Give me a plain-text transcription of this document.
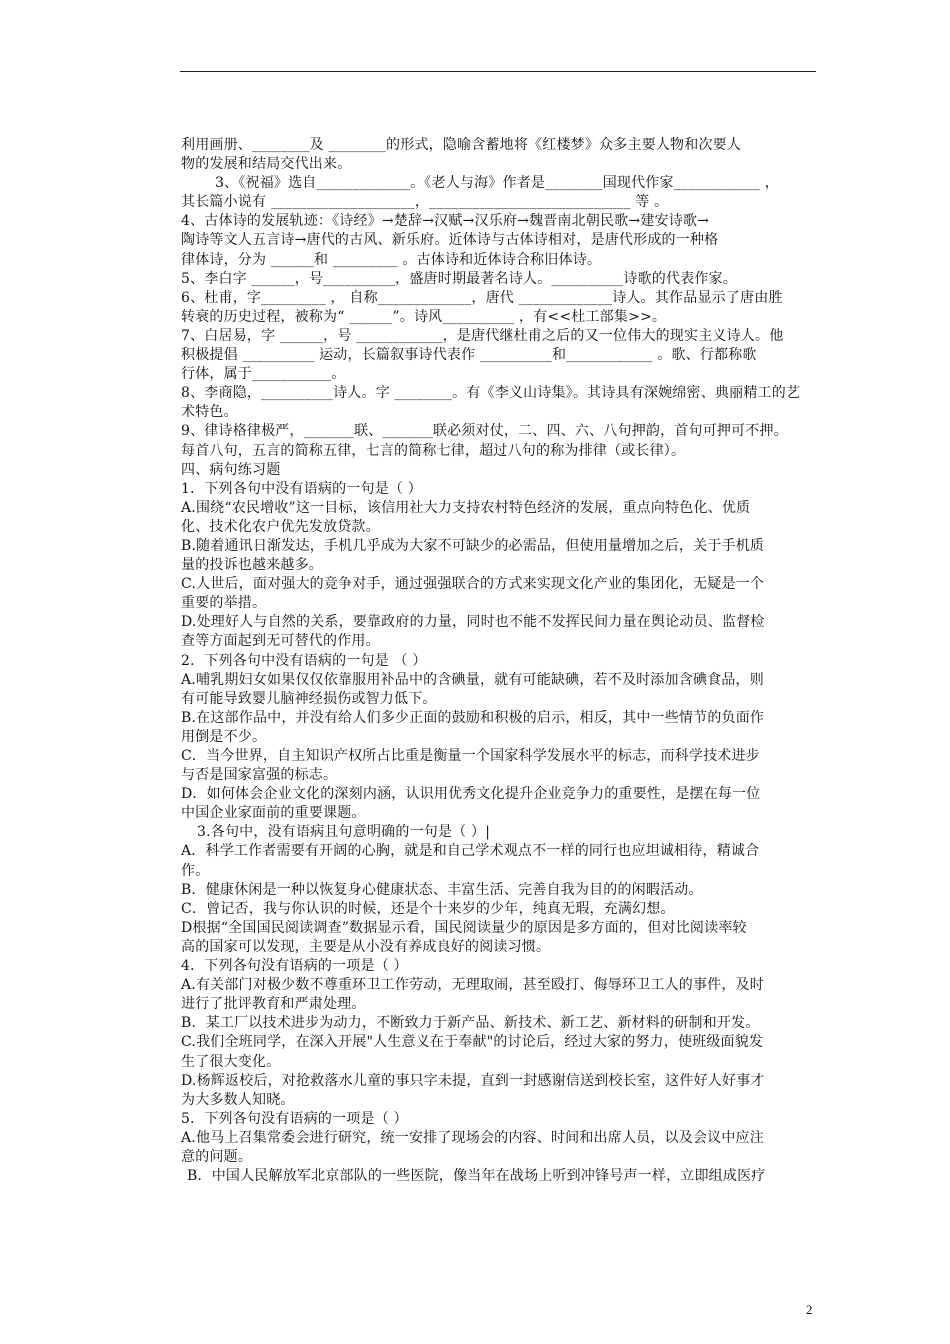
利用画册、________及 ________的形式，隐喻含蓄地将《红楼梦》众多主要人物和次要人
物的发展和结局交代出来。
3、《祝福》选自_____________。《老人与海》作者是________国现代作家____________ ，
其长篇小说有 ____________________，____________________________ 等 。
4、古体诗的发展轨迹：《诗经》→楚辞→汉赋→汉乐府→魏晋南北朝民歌→建安诗歌→
陶诗等文人五言诗→唐代的古风、新乐府。近体诗与古体诗相对，是唐代形成的一种格
律体诗，分为 ______和 _________ 。古体诗和近体诗合称旧体诗。
5、李白字 ______，号__________，盛唐时期最著名诗人。__________诗歌的代表作家。
6、杜甫，字_________ ， 自称_____________，唐代 _____________诗人。其作品显示了唐由胜
转衰的历史过程，被称为“ ______”。诗风__________ ，有<<杜工部集>>。
7、白居易，字 ______，号 ____________，是唐代继杜甫之后的又一位伟大的现实主义诗人。他
积极提倡 __________ 运动，长篇叙事诗代表作 __________和____________ 。歌、行都称歌
行体，属于___________。
8、李商隐，__________诗人。字 ________。有《李义山诗集》。其诗具有深婉绵密、典丽精工的艺
术特色。
9、律诗格律极严，_______联、_______联必须对仗，二、四、六、八句押韵，首句可押可不押。
每首八句，五言的简称五律，七言的简称七律，超过八句的称为排律（或长律）。
四、病句练习题
1．下列各句中没有语病的一句是（ ）
A.围绕“农民增收”这一目标，该信用社大力支持农村特色经济的发展，重点向特色化、优质
化、技术化农户优先发放贷款。
B.随着通讯日渐发达，手机几乎成为大家不可缺少的必需品，但使用量增加之后，关于手机质
量的投诉也越来越多。
C.人世后，面对强大的竞争对手，通过强强联合的方式来实现文化产业的集团化，无疑是一个
重要的举措。
D.处理好人与自然的关系，要靠政府的力量，同时也不能不发挥民间力量在舆论动员、监督检
查等方面起到无可替代的作用。
2．下列各句中没有语病的一句是 （ ）
A.哺乳期妇女如果仅仅依靠服用补品中的含碘量，就有可能缺碘，若不及时添加含碘食品，则
有可能导致婴儿脑神经损伤或智力低下。
B.在这部作品中，并没有给人们多少正面的鼓励和积极的启示，相反，其中一些情节的负面作
用倒是不少。
C．当今世界，自主知识产权所占比重是衡量一个国家科学发展水平的标志，而科学技术进步
与否是国家富强的标志。
D．如何体会企业文化的深刻内涵，认识用优秀文化提升企业竞争力的重要性，是摆在每一位
中国企业家面前的重要课题。
3.各句中，没有语病且句意明确的一句是（ ）|
A．科学工作者需要有开阔的心胸，就是和自己学术观点不一样的同行也应坦诚相待，精诚合
作。
B．健康休闲是一种以恢复身心健康状态、丰富生活、完善自我为目的的闲暇活动。
C．曾记否，我与你认识的时候，还是个十来岁的少年，纯真无瑕，充满幻想。
D根据“全国国民阅读调查”数据显示看，国民阅读量少的原因是多方面的，但对比阅读率较
高的国家可以发现，主要是从小没有养成良好的阅读习惯。
4．下列各句没有语病的一项是（ ）
A.有关部门对极少数不尊重环卫工作劳动，无理取闹，甚至殴打、侮辱环卫工人的事件，及时
进行了批评教育和严肃处理。
B．某工厂以技术进步为动力，不断致力于新产品、新技术、新工艺、新材料的研制和开发。
C.我们全班同学，在深入开展"人生意义在于奉献"的讨论后，经过大家的努力，使班级面貌发
生了很大变化。
D.杨辉返校后，对抢救落水儿童的事只字未提，直到一封感谢信送到校长室，这件好人好事才
为大多数人知晓。
5．下列各句没有语病的一项是（ ）
A.他马上召集常委会进行研究，统一安排了现场会的内容、时间和出席人员，以及会议中应注
意的问题。
B．中国人民解放军北京部队的一些医院，像当年在战场上听到冲锋号声一样，立即组成医疗
2
